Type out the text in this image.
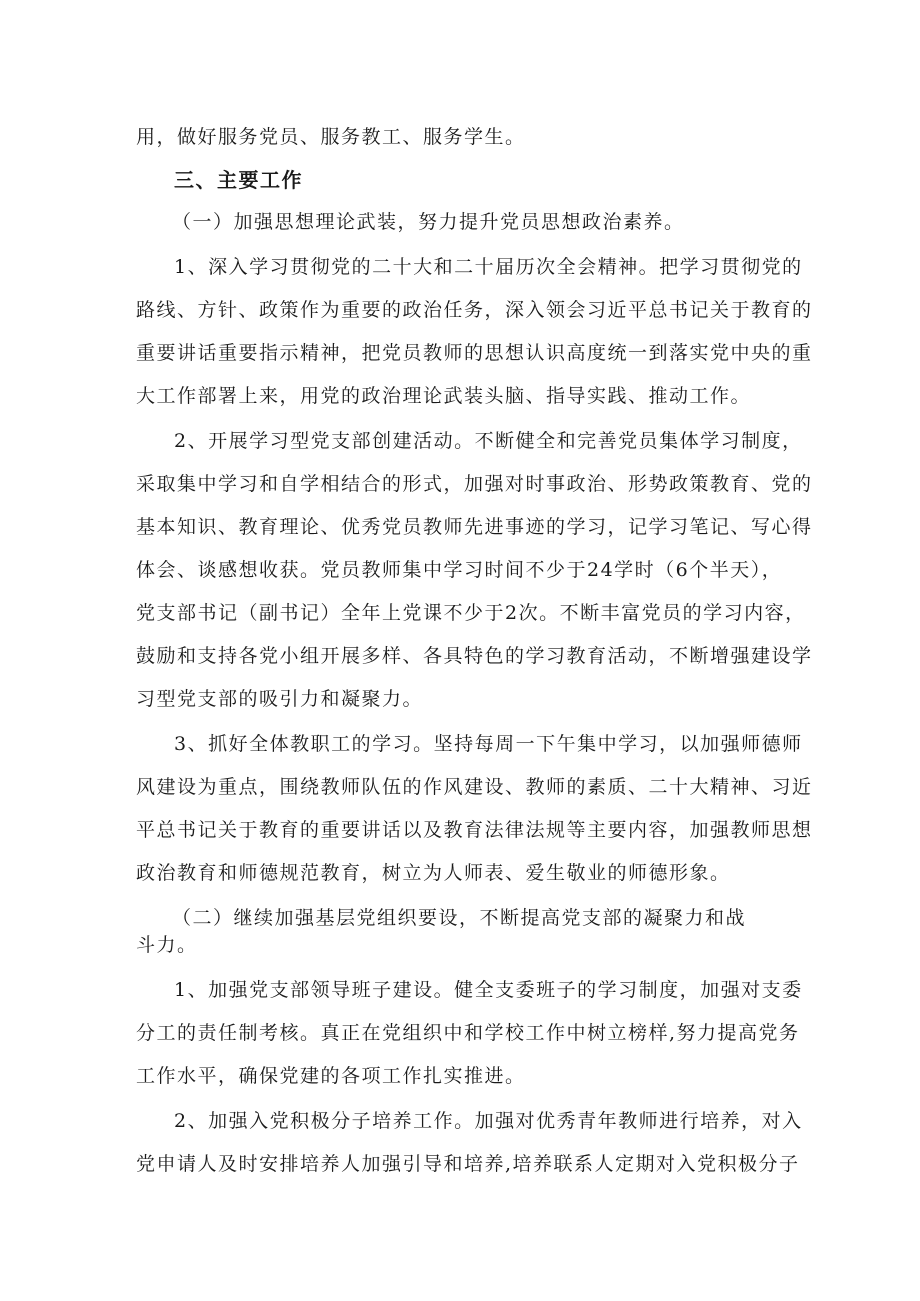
用，做好服务党员、服务教工、服务学生。
三、主要工作
（一）加强思想理论武装，努力提升党员思想政治素养。
1、深入学习贯彻党的二十大和二十届历次全会精神。把学习贯彻党的
路线、方针、政策作为重要的政治任务，深入领会习近平总书记关于教育的
重要讲话重要指示精神，把党员教师的思想认识高度统一到落实党中央的重
大工作部署上来，用党的政治理论武装头脑、指导实践、推动工作。
2、开展学习型党支部创建活动。不断健全和完善党员集体学习制度，
采取集中学习和自学相结合的形式，加强对时事政治、形势政策教育、党的
基本知识、教育理论、优秀党员教师先进事迹的学习，记学习笔记、写心得
体会、谈感想收获。党员教师集中学习时间不少于24学时（6个半天），
党支部书记（副书记）全年上党课不少于2次。不断丰富党员的学习内容，
鼓励和支持各党小组开展多样、各具特色的学习教育活动，不断增强建设学
习型党支部的吸引力和凝聚力。
3、抓好全体教职工的学习。坚持每周一下午集中学习，以加强师德师
风建设为重点，围绕教师队伍的作风建设、教师的素质、二十大精神、习近
平总书记关于教育的重要讲话以及教育法律法规等主要内容，加强教师思想
政治教育和师德规范教育，树立为人师表、爱生敬业的师德形象。
（二）继续加强基层党组织要设，不断提高党支部的凝聚力和战
斗力。
1、加强党支部领导班子建设。健全支委班子的学习制度，加强对支委
分工的责任制考核。真正在党组织中和学校工作中树立榜样,努力提高党务
工作水平，确保党建的各项工作扎实推进。
2、加强入党积极分子培养工作。加强对优秀青年教师进行培养，对入
党申请人及时安排培养人加强引导和培养,培养联系人定期对入党积极分子
